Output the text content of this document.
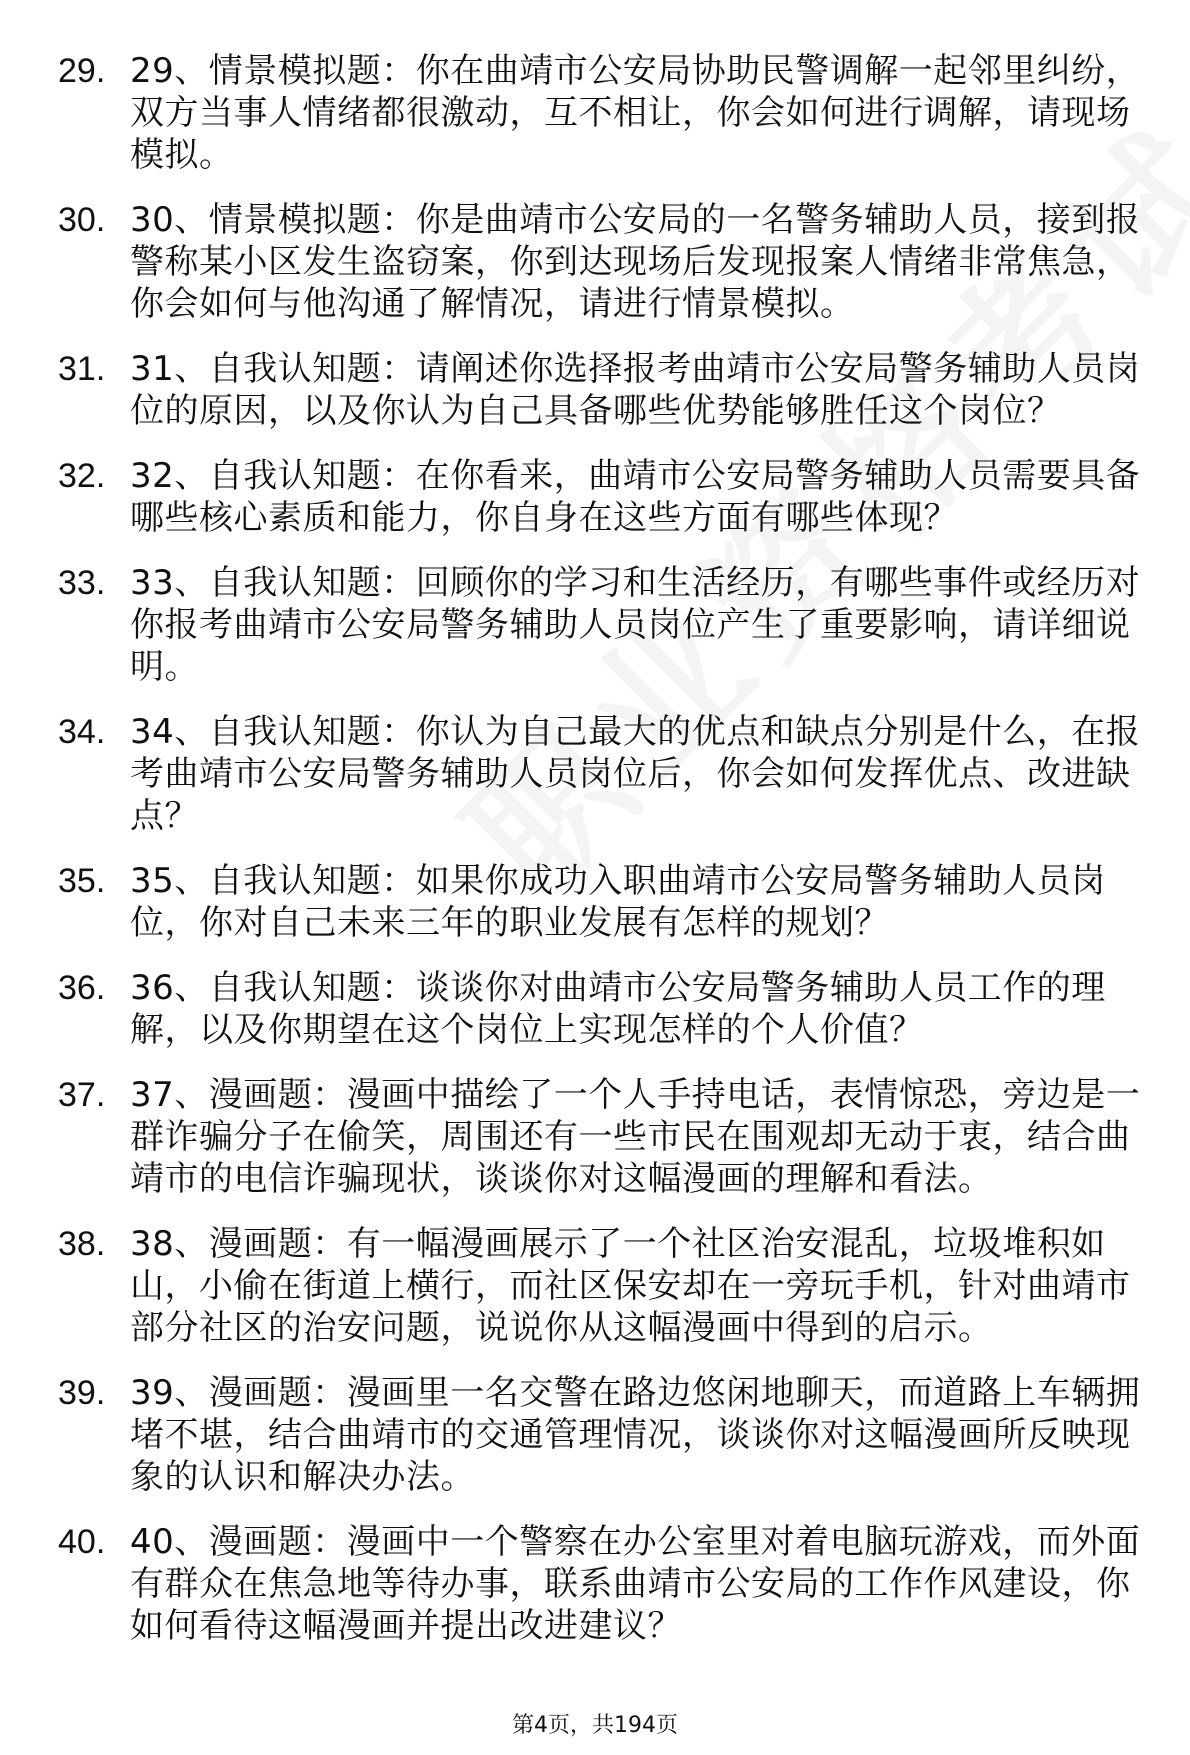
29. 29、情景模拟题：你在曲靖市公安局协助民警调解一起邻里纠纷，双方当事人情绪都很激动，互不相让，你会如何进行调解，请现场模拟。
30. 30、情景模拟题：你是曲靖市公安局的一名警务辅助人员，接到报警称某小区发生盗窃案，你到达现场后发现报案人情绪非常焦急，你会如何与他沟通了解情况，请进行情景模拟。
31. 31、自我认知题：请阐述你选择报考曲靖市公安局警务辅助人员岗位的原因，以及你认为自己具备哪些优势能够胜任这个岗位？
32. 32、自我认知题：在你看来，曲靖市公安局警务辅助人员需要具备哪些核心素质和能力，你自身在这些方面有哪些体现？
33. 33、自我认知题：回顾你的学习和生活经历，有哪些事件或经历对你报考曲靖市公安局警务辅助人员岗位产生了重要影响，请详细说明。
34. 34、自我认知题：你认为自己最大的优点和缺点分别是什么，在报考曲靖市公安局警务辅助人员岗位后，你会如何发挥优点、改进缺点？
35. 35、自我认知题：如果你成功入职曲靖市公安局警务辅助人员岗位，你对自己未来三年的职业发展有怎样的规划？
36. 36、自我认知题：谈谈你对曲靖市公安局警务辅助人员工作的理解，以及你期望在这个岗位上实现怎样的个人价值？
37. 37、漫画题：漫画中描绘了一个人手持电话，表情惊恐，旁边是一群诈骗分子在偷笑，周围还有一些市民在围观却无动于衷，结合曲靖市的电信诈骗现状，谈谈你对这幅漫画的理解和看法。
38. 38、漫画题：有一幅漫画展示了一个社区治安混乱，垃圾堆积如山，小偷在街道上横行，而社区保安却在一旁玩手机，针对曲靖市部分社区的治安问题，说说你从这幅漫画中得到的启示。
39. 39、漫画题：漫画里一名交警在路边悠闲地聊天，而道路上车辆拥堵不堪，结合曲靖市的交通管理情况，谈谈你对这幅漫画所反映现象的认识和解决办法。
40. 40、漫画题：漫画中一个警察在办公室里对着电脑玩游戏，而外面有群众在焦急地等待办事，联系曲靖市公安局的工作作风建设，你如何看待这幅漫画并提出改进建议？
第4页，共194页
